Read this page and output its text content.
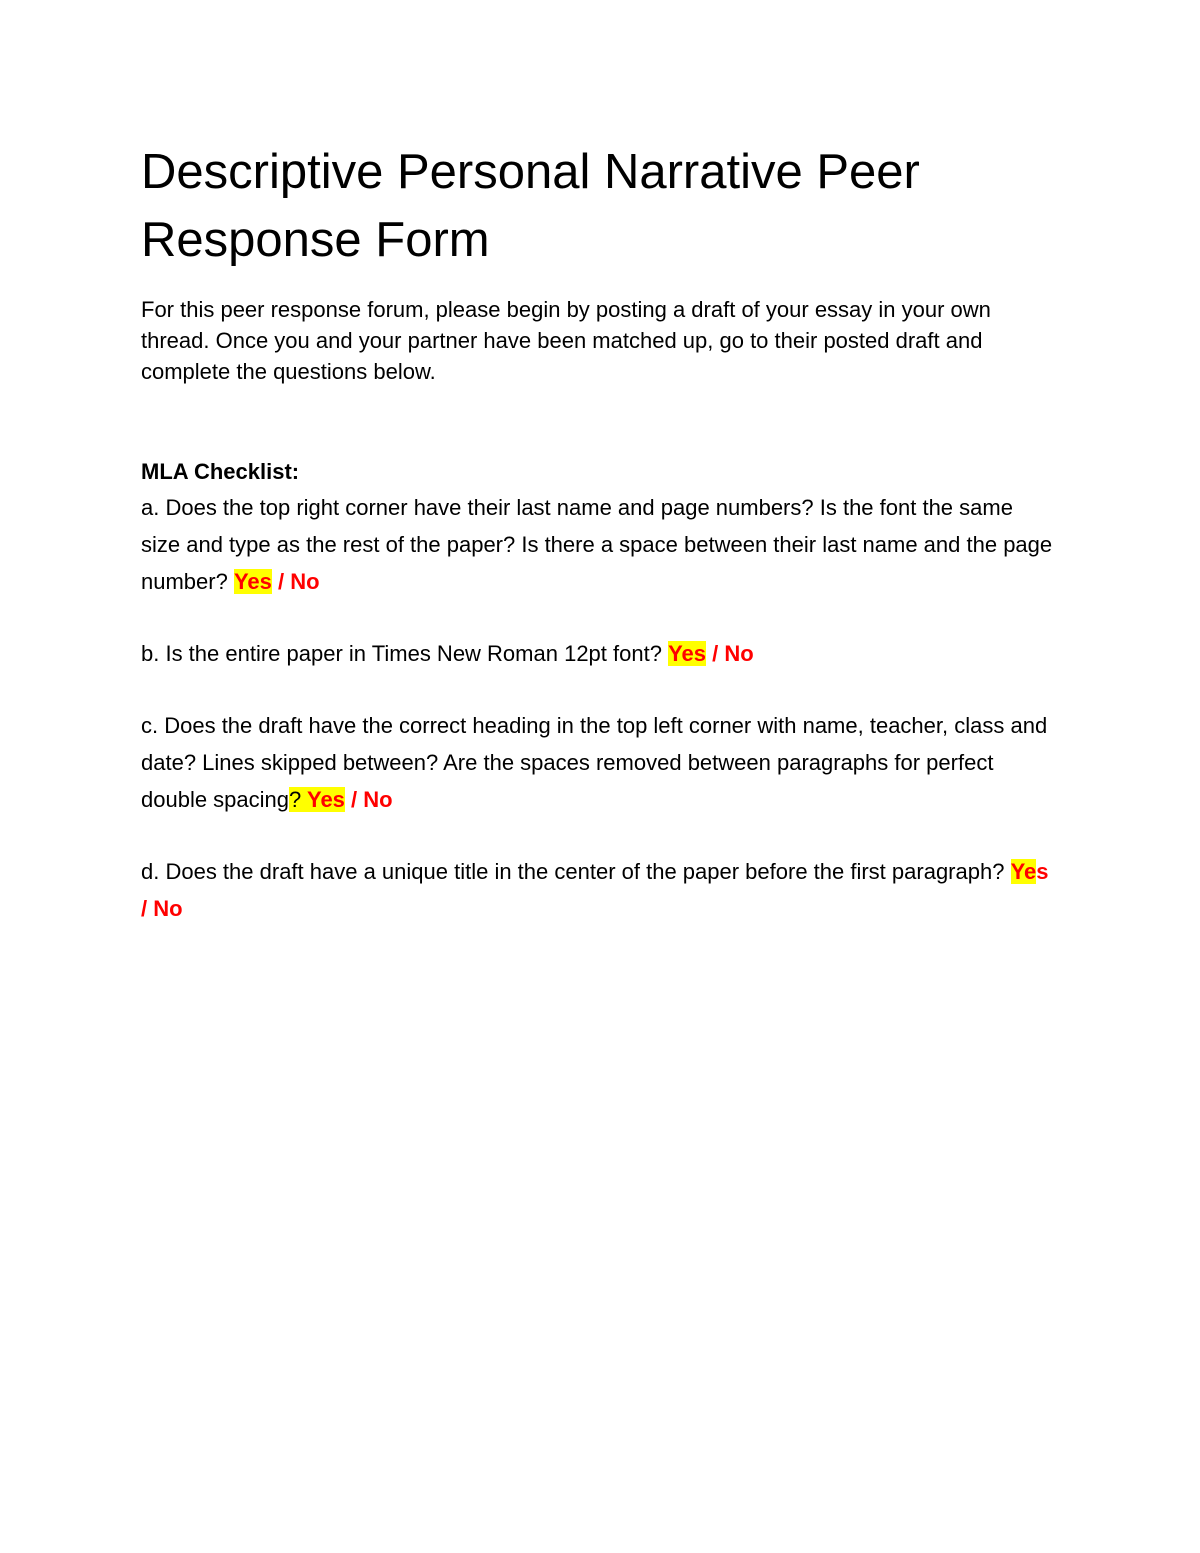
Descriptive Personal Narrative Peer Response Form

For this peer response forum, please begin by posting a draft of your essay in your own thread. Once you and your partner have been matched up, go to their posted draft and complete the questions below.

MLA Checklist:

a. Does the top right corner have their last name and page numbers? Is the font the same size and type as the rest of the paper? Is there a space between their last name and the page number? Yes / No

b. Is the entire paper in Times New Roman 12pt font? Yes / No

c. Does the draft have the correct heading in the top left corner with name, teacher, class and date? Lines skipped between? Are the spaces removed between paragraphs for perfect double spacing? Yes / No

d. Does the draft have a unique title in the center of the paper before the first paragraph? Yes / No
